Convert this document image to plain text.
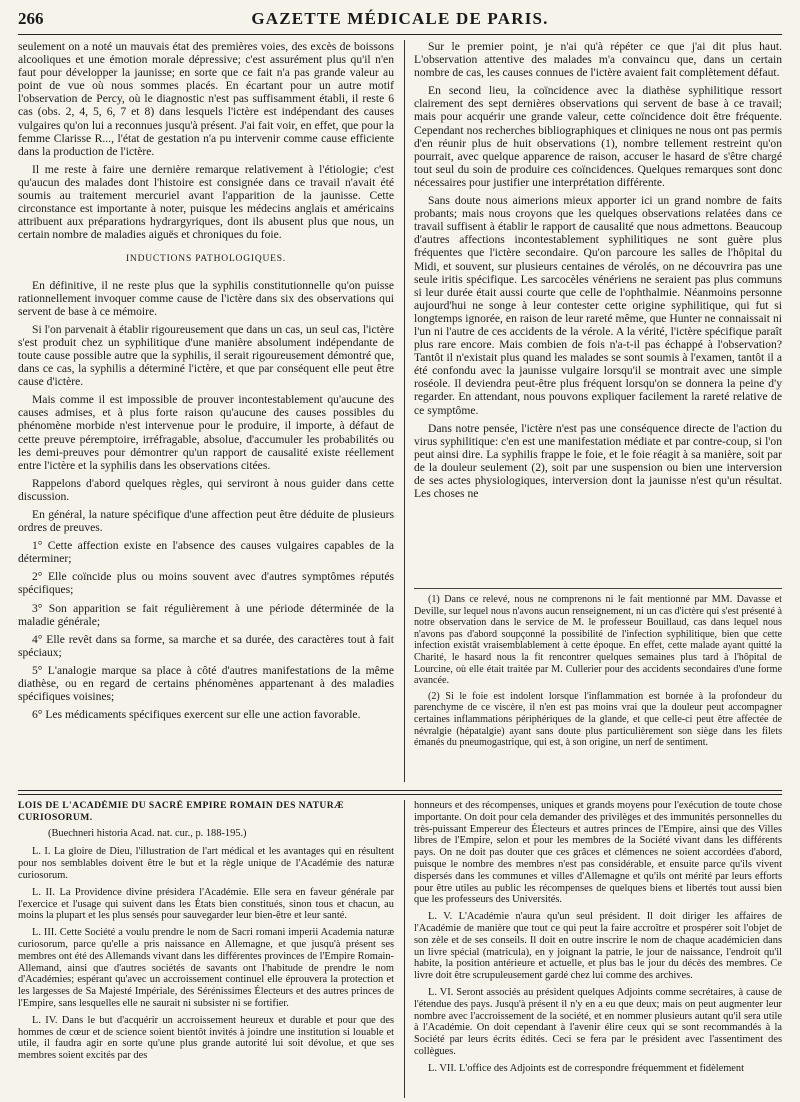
266	GAZETTE MÉDICALE DE PARIS.

seulement on a noté un mauvais état des premières voies, des excès de boissons alcooliques et une émotion morale dépressive; c'est assurément plus qu'il n'en faut pour développer la jaunisse; en sorte que ce fait n'a pas grande valeur au point de vue où nous sommes placés. En écartant pour un autre motif l'observation de Percy, où le diagnostic n'est pas suffisamment établi, il reste 6 cas (obs. 2, 4, 5, 6, 7 et 8) dans lesquels l'ictère est indépendant des causes vulgaires qu'on lui a reconnues jusqu'à présent. J'ai fait voir, en effet, que pour la femme Clarisse R..., l'état de gestation n'a pu intervenir comme cause efficiente dans la production de l'ictère.

Il me reste à faire une dernière remarque relativement à l'étiologie; c'est qu'aucun des malades dont l'histoire est consignée dans ce travail n'avait été soumis au traitement mercuriel avant l'apparition de la jaunisse. Cette circonstance est importante à noter, puisque les médecins anglais et américains attribuent aux préparations hydrargyriques, dont ils abusent plus que nous, un certain nombre de maladies aiguës et chroniques du foie.

INDUCTIONS PATHOLOGIQUES.

En définitive, il ne reste plus que la syphilis constitutionnelle qu'on puisse rationnellement invoquer comme cause de l'ictère dans six des observations qui servent de base à ce mémoire.

Si l'on parvenait à établir rigoureusement que dans un cas, un seul cas, l'ictère s'est produit chez un syphilitique d'une manière absolument indépendante de toute cause possible autre que la syphilis, il serait rigoureusement démontré que, dans ce cas, la syphilis a déterminé l'ictère, et que par conséquent elle peut être cause d'ictère.

Mais comme il est impossible de prouver incontestablement qu'aucune des causes admises, et à plus forte raison qu'aucune des causes possibles du phénomène morbide n'est intervenue pour le produire, il importe, à défaut de cette preuve péremptoire, irréfragable, absolue, d'accumuler les probabilités ou les demi-preuves pour démontrer qu'un rapport de causalité existe réellement entre l'ictère et la syphilis dans les observations citées.

Rappelons d'abord quelques règles, qui serviront à nous guider dans cette discussion.

En général, la nature spécifique d'une affection peut être déduite de plusieurs ordres de preuves.

1° Cette affection existe en l'absence des causes vulgaires capables de la déterminer;

2° Elle coïncide plus ou moins souvent avec d'autres symptômes réputés spécifiques;

3° Son apparition se fait régulièrement à une période déterminée de la maladie générale;

4° Elle revêt dans sa forme, sa marche et sa durée, des caractères tout à fait spéciaux;

5° L'analogie marque sa place à côté d'autres manifestations de la même diathèse, ou en regard de certains phénomènes appartenant à des maladies spécifiques voisines;

6° Les médicaments spécifiques exercent sur elle une action favorable.

Sur le premier point, je n'ai qu'à répéter ce que j'ai dit plus haut. L'observation attentive des malades m'a convaincu que, dans un certain nombre de cas, les causes connues de l'ictère avaient fait complètement défaut.

En second lieu, la coïncidence avec la diathèse syphilitique ressort clairement des sept dernières observations qui servent de base à ce travail; mais pour acquérir une grande valeur, cette coïncidence doit être fréquente. Cependant nos recherches bibliographiques et cliniques ne nous ont pas permis d'en réunir plus de huit observations (1), nombre tellement restreint qu'on pourrait, avec quelque apparence de raison, accuser le hasard de s'être chargé tout seul du soin de produire ces coïncidences. Quelques remarques sont donc nécessaires pour justifier une interprétation différente.

Sans doute nous aimerions mieux apporter ici un grand nombre de faits probants; mais nous croyons que les quelques observations relatées dans ce travail suffisent à établir le rapport de causalité que nous admettons. Beaucoup d'autres affections incontestablement syphilitiques ne sont guère plus fréquentes que l'ictère secondaire. Qu'on parcoure les salles de l'hôpital du Midi, et souvent, sur plusieurs centaines de vérolés, on ne découvrira pas une seule iritis spécifique. Les sarcocèles vénériens ne seraient pas plus communs si leur durée était aussi courte que celle de l'ophthalmie. Néanmoins personne aujourd'hui ne songe à leur contester cette origine syphilitique, qui fut si longtemps ignorée, en raison de leur rareté même, que Hunter ne connaissait ni l'un ni l'autre de ces accidents de la vérole. A la vérité, l'ictère spécifique paraît plus rare encore. Mais combien de fois n'a-t-il pas échappé à l'observation? Tantôt il n'existait plus quand les malades se sont soumis à l'examen, tantôt il a été confondu avec la jaunisse vulgaire lorsqu'il se montrait avec une simple roséole. Il deviendra peut-être plus fréquent lorsqu'on se donnera la peine d'y regarder. En attendant, nous pouvons expliquer facilement la rareté relative de ce symptôme.

Dans notre pensée, l'ictère n'est pas une conséquence directe de l'action du virus syphilitique: c'en est une manifestation médiate et par contre-coup, si l'on peut ainsi dire. La syphilis frappe le foie, et le foie réagit à sa manière, soit par de la douleur seulement (2), soit par une suspension ou bien une interversion de ses actes physiologiques, interversion dont la jaunisse n'est qu'un résultat. Les choses ne

(1) Dans ce relevé, nous ne comprenons ni le fait mentionné par MM. Davasse et Deville, sur lequel nous n'avons aucun renseignement, ni un cas d'ictère qui s'est présenté à notre observation dans le service de M. le professeur Bouillaud, cas dans lequel nous n'avons pas d'abord soupçonné la possibilité de l'infection syphilitique, bien que cette infection existât vraisemblablement à cette époque. En effet, cette malade ayant quitté la Charité, le hasard nous la fit rencontrer quelques semaines plus tard à l'hôpital de Lourcine, où elle était traitée par M. Cullerier pour des accidents secondaires d'une forme avancée.

(2) Si le foie est indolent lorsque l'inflammation est bornée à la profondeur du parenchyme de ce viscère, il n'en est pas moins vrai que la douleur peut accompagner certaines inflammations périphériques de la glande, et que celle-ci peut être affectée de névralgie (hépatalgie) ayant sans doute plus particulièrement son siège dans les filets émanés du pneumogastrique, qui est, à son origine, un nerf de sentiment.

LOIS DE L'ACADÉMIE DU SACRÉ EMPIRE ROMAIN DES NATURÆ CURIOSORUM.

(Buechneri historia Acad. nat. cur., p. 188-195.)

L. I. La gloire de Dieu, l'illustration de l'art médical et les avantages qui en résultent pour nos semblables doivent être le but et la règle unique de l'Académie des naturæ curiosorum.

L. II. La Providence divine présidera l'Académie. Elle sera en faveur générale par l'exercice et l'usage qui suivent dans les États bien constitués, sinon tous et chacun, au moins la plupart et les plus sensés pour sauvegarder leur bien-être et leur santé.

L. III. Cette Société a voulu prendre le nom de Sacri romani imperii Academia naturæ curiosorum, parce qu'elle a pris naissance en Allemagne, et que jusqu'à présent ses membres ont été des Allemands vivant dans les différentes provinces de l'Empire Romain-Allemand, ainsi que d'autres sociétés de savants ont l'habitude de prendre le nom d'Académies; espérant qu'avec un accroissement continuel elle éprouvera la protection et les largesses de Sa Majesté Impériale, des Sérénissimes Électeurs et des autres princes de l'Empire, sans lesquelles elle ne saurait ni subsister ni se fortifier.

L. IV. Dans le but d'acquérir un accroissement heureux et durable et pour que des hommes de cœur et de science soient bientôt invités à joindre une institution si louable et utile, il faudra agir en sorte qu'une plus grande autorité lui soit dévolue, et que ses membres soient excités par des

honneurs et des récompenses, uniques et grands moyens pour l'exécution de toute chose importante. On doit pour cela demander des privilèges et des immunités personnelles du très-puissant Empereur des Électeurs et autres princes de l'Empire, ainsi que des Villes libres de l'Empire, selon et pour les membres de la Société vivant dans les différents pays. On ne doit pas douter que ces grâces et clémences ne soient accordées d'abord, puisque le nombre des membres n'est pas considérable, et ensuite parce qu'ils vivent dispersés dans les communes et villes d'Allemagne et qu'ils ont mérité par leurs efforts pour être utiles au public les récompenses de quelques biens et libertés tout aussi bien que les professeurs des Universités.

L. V. L'Académie n'aura qu'un seul président. Il doit diriger les affaires de l'Académie de manière que tout ce qui peut la faire accroître et prospérer soit l'objet de son zèle et de ses conseils. Il doit en outre inscrire le nom de chaque académicien dans un livre spécial (matricula), en y joignant la patrie, le jour de naissance, l'endroit qu'il habite, la position antérieure et actuelle, et plus bas le jour du décès des membres. Ce livre doit être scrupuleusement gardé chez lui comme des archives.

L. VI. Seront associés au président quelques Adjoints comme secrétaires, à cause de l'étendue des pays. Jusqu'à présent il n'y en a eu que deux; mais on peut augmenter leur nombre avec l'accroissement de la société, et en nommer plusieurs autant qu'il sera utile à l'Académie. On doit cependant à l'avenir élire ceux qui se sont recommandés à la Société par leurs écrits édités. Ceci se fera par le président avec l'assentiment des collègues.

L. VII. L'office des Adjoints est de correspondre fréquemment et fidèlement
